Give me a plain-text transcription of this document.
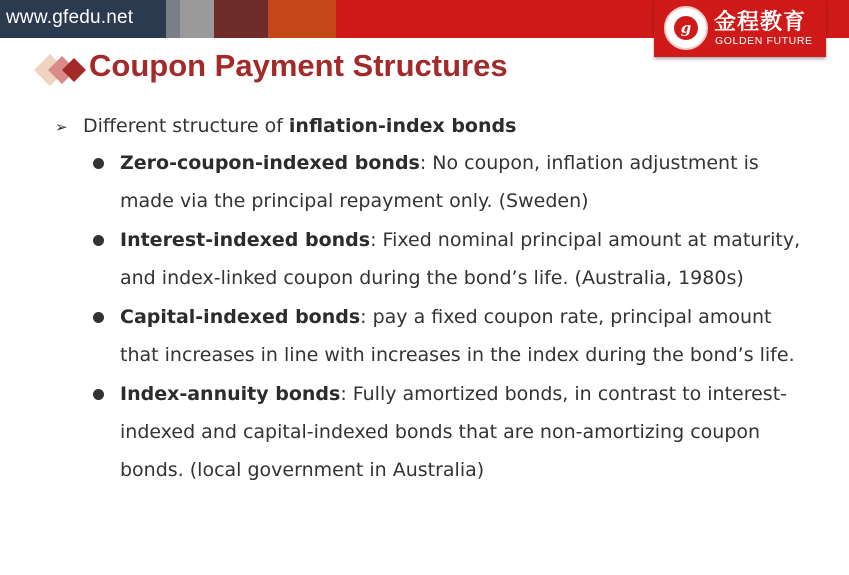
www.gfedu.net	g	金程教育
GOLDEN FUTURE
Coupon Payment Structures
➢ Different structure of inflation-index bonds
Zero-coupon-indexed bonds: No coupon, inflation adjustment is made via the principal repayment only. (Sweden)
Interest-indexed bonds: Fixed nominal principal amount at maturity, and index-linked coupon during the bond’s life. (Australia, 1980s)
Capital-indexed bonds: pay a fixed coupon rate, principal amount that increases in line with increases in the index during the bond’s life.
Index-annuity bonds: Fully amortized bonds, in contrast to interest-indexed and capital-indexed bonds that are non-amortizing coupon bonds. (local government in Australia)
